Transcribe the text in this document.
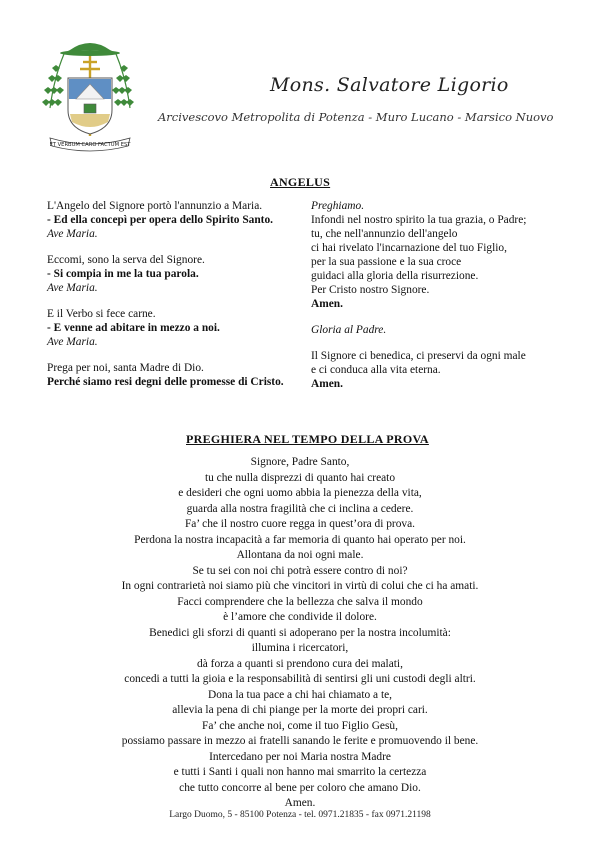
ET VERBUM CARO FACTUM EST
Mons. Salvatore Ligorio
Arcivescovo Metropolita di Potenza - Muro Lucano - Marsico Nuovo
ANGELUS
L'Angelo del Signore portò l'annunzio a Maria.
- Ed ella concepì per opera dello Spirito Santo.
Ave Maria.
Eccomi, sono la serva del Signore.
- Si compia in me la tua parola.
Ave Maria.
E il Verbo si fece carne.
- E venne ad abitare in mezzo a noi.
Ave Maria.
Prega per noi, santa Madre di Dio.
Perché siamo resi degni delle promesse di Cristo.
Preghiamo.
Infondi nel nostro spirito la tua grazia, o Padre;
tu, che nell'annunzio dell'angelo
ci hai rivelato l'incarnazione del tuo Figlio,
per la sua passione e la sua croce
guidaci alla gloria della risurrezione.
Per Cristo nostro Signore.
Amen.
Gloria al Padre.
Il Signore ci benedica, ci preservi da ogni male
e ci conduca alla vita eterna.
Amen.
PREGHIERA NEL TEMPO DELLA PROVA
Signore, Padre Santo,
tu che nulla disprezzi di quanto hai creato
e desideri che ogni uomo abbia la pienezza della vita,
guarda alla nostra fragilità che ci inclina a cedere.
Fa’ che il nostro cuore regga in quest’ora di prova.
Perdona la nostra incapacità a far memoria di quanto hai operato per noi.
Allontana da noi ogni male.
Se tu sei con noi chi potrà essere contro di noi?
In ogni contrarietà noi siamo più che vincitori in virtù di colui che ci ha amati.
Facci comprendere che la bellezza che salva il mondo
è l’amore che condivide il dolore.
Benedici gli sforzi di quanti si adoperano per la nostra incolumità:
illumina i ricercatori,
dà forza a quanti si prendono cura dei malati,
concedi a tutti la gioia e la responsabilità di sentirsi gli uni custodi degli altri.
Dona la tua pace a chi hai chiamato a te,
allevia la pena di chi piange per la morte dei propri cari.
Fa’ che anche noi, come il tuo Figlio Gesù,
possiamo passare in mezzo ai fratelli sanando le ferite e promuovendo il bene.
Intercedano per noi Maria nostra Madre
e tutti i Santi i quali non hanno mai smarrito la certezza
che tutto concorre al bene per coloro che amano Dio.
Amen.
Largo Duomo, 5 - 85100 Potenza - tel. 0971.21835 - fax 0971.21198
